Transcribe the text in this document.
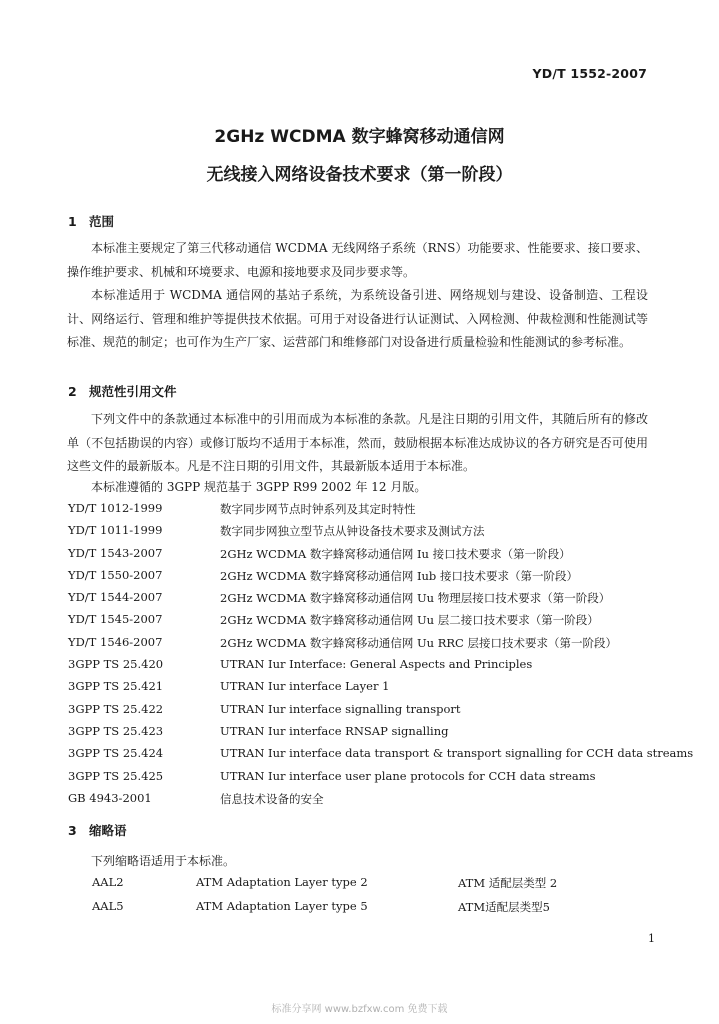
YD/T 1552-2007
2GHz WCDMA 数字蜂窝移动通信网
无线接入网络设备技术要求（第一阶段）
1 范围
本标准主要规定了第三代移动通信 WCDMA 无线网络子系统（RNS）功能要求、性能要求、接口要求、操作维护要求、机械和环境要求、电源和接地要求及同步要求等。
本标准适用于 WCDMA 通信网的基站子系统，为系统设备引进、网络规划与建设、设备制造、工程设计、网络运行、管理和维护等提供技术依据。可用于对设备进行认证测试、入网检测、仲裁检测和性能测试等标准、规范的制定；也可作为生产厂家、运营部门和维修部门对设备进行质量检验和性能测试的参考标准。
2 规范性引用文件
下列文件中的条款通过本标准中的引用而成为本标准的条款。凡是注日期的引用文件，其随后所有的修改单（不包括勘误的内容）或修订版均不适用于本标准，然而，鼓励根据本标准达成协议的各方研究是否可使用这些文件的最新版本。凡是不注日期的引用文件，其最新版本适用于本标准。
本标准遵循的 3GPP 规范基于 3GPP R99 2002 年 12 月版。
YD/T 1012-1999	数字同步网节点时钟系列及其定时特性
YD/T 1011-1999	数字同步网独立型节点从钟设备技术要求及测试方法
YD/T 1543-2007	2GHz WCDMA 数字蜂窝移动通信网 Iu 接口技术要求（第一阶段）
YD/T 1550-2007	2GHz WCDMA 数字蜂窝移动通信网 Iub 接口技术要求（第一阶段）
YD/T 1544-2007	2GHz WCDMA 数字蜂窝移动通信网 Uu 物理层接口技术要求（第一阶段）
YD/T 1545-2007	2GHz WCDMA 数字蜂窝移动通信网 Uu 层二接口技术要求（第一阶段）
YD/T 1546-2007	2GHz WCDMA 数字蜂窝移动通信网 Uu RRC 层接口技术要求（第一阶段）
3GPP TS 25.420	UTRAN Iur Interface: General Aspects and Principles
3GPP TS 25.421	UTRAN Iur interface Layer 1
3GPP TS 25.422	UTRAN Iur interface signalling transport
3GPP TS 25.423	UTRAN Iur interface RNSAP signalling
3GPP TS 25.424	UTRAN Iur interface data transport & transport signalling for CCH data streams
3GPP TS 25.425	UTRAN Iur interface user plane protocols for CCH data streams
GB 4943-2001	信息技术设备的安全
3 缩略语
下列缩略语适用于本标准。
AAL2	ATM Adaptation Layer type 2	ATM 适配层类型 2
AAL5	ATM Adaptation Layer type 5	ATM适配层类型5
1
标准分享网 www.bzfxw.com 免费下载
